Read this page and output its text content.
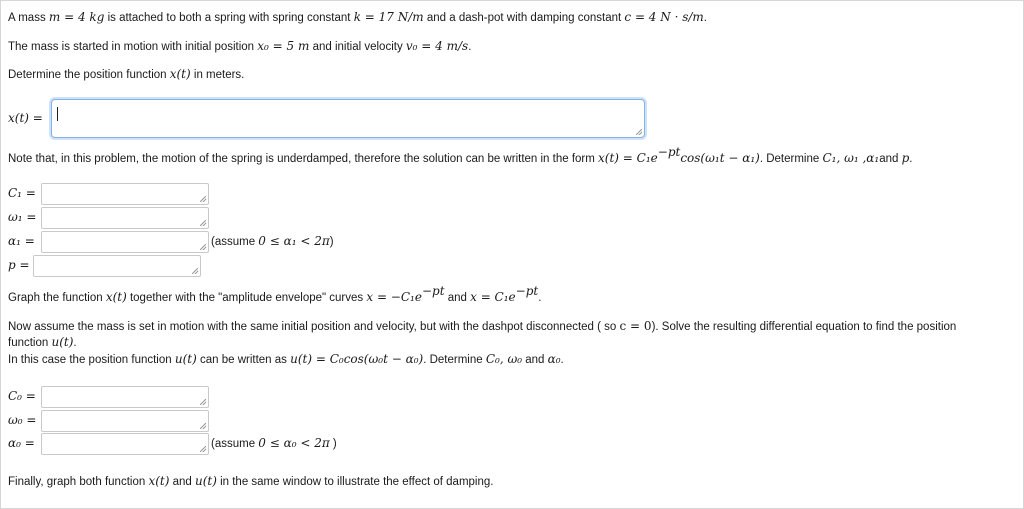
A mass m = 4 kg is attached to both a spring with spring constant k = 17 N/m and a dash-pot with damping constant c = 4 N · s/m.
The mass is started in motion with initial position x₀ = 5 m and initial velocity v₀ = 4 m/s.
Determine the position function x(t) in meters.
x(t) =
Note that, in this problem, the motion of the spring is underdamped, therefore the solution can be written in the form $x(t) = C_1e^{-pt}\cos(\omega_1t - \alpha_1)$. Determine C₁, ω₁ ,α₁and p.
C₁ =
ω₁ =
α₁ =	(assume 0 ≤ α₁ < 2π)
p =
Graph the function x(t) together with the "amplitude envelope" curves $x = -C_1e^{-pt}$ and $x = C_1e^{-pt}$.
Now assume the mass is set in motion with the same initial position and velocity, but with the dashpot disconnected ( so c = 0). Solve the resulting differential equation to find the position
function u(t).
In this case the position function u(t) can be written as u(t) = C₀cos(ω₀t − α₀). Determine C₀, ω₀ and α₀.
C₀ =
ω₀ =
α₀ =	(assume 0 ≤ α₀ < 2π )
Finally, graph both function x(t) and u(t) in the same window to illustrate the effect of damping.
